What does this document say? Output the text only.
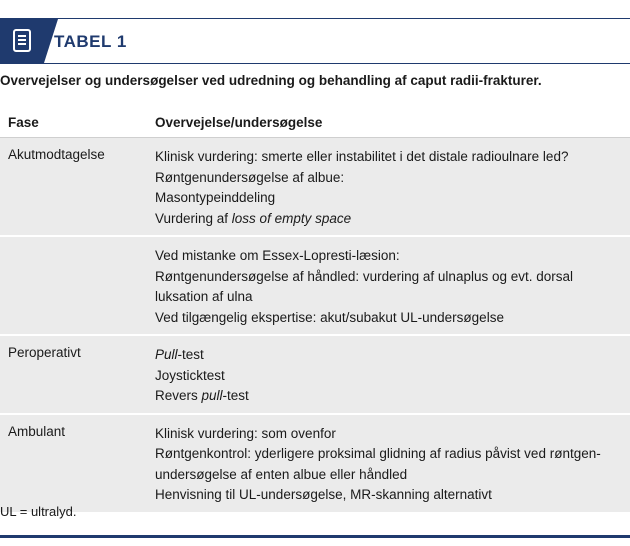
TABEL 1
Overvejelser og undersøgelser ved udredning og behandling af caput radii-frakturer.
Fase	Overvejelse/undersøgelse
Akutmodtagelse	Klinisk vurdering: smerte eller instabilitet i det distale radioulnare led?
Røntgenundersøgelse af albue:
Masontypeinddeling
Vurdering af loss of empty space
Ved mistanke om Essex-Lopresti-læsion:
Røntgenundersøgelse af håndled: vurdering af ulnaplus og evt. dorsal luksation af ulna
Ved tilgængelig ekspertise: akut/subakut UL-undersøgelse
Peroperativt	Pull-test
Joysticktest
Revers pull-test
Ambulant	Klinisk vurdering: som ovenfor
Røntgenkontrol: yderligere proksimal glidning af radius påvist ved røntgen-undersøgelse af enten albue eller håndled
Henvisning til UL-undersøgelse, MR-skanning alternativt
UL = ultralyd.
